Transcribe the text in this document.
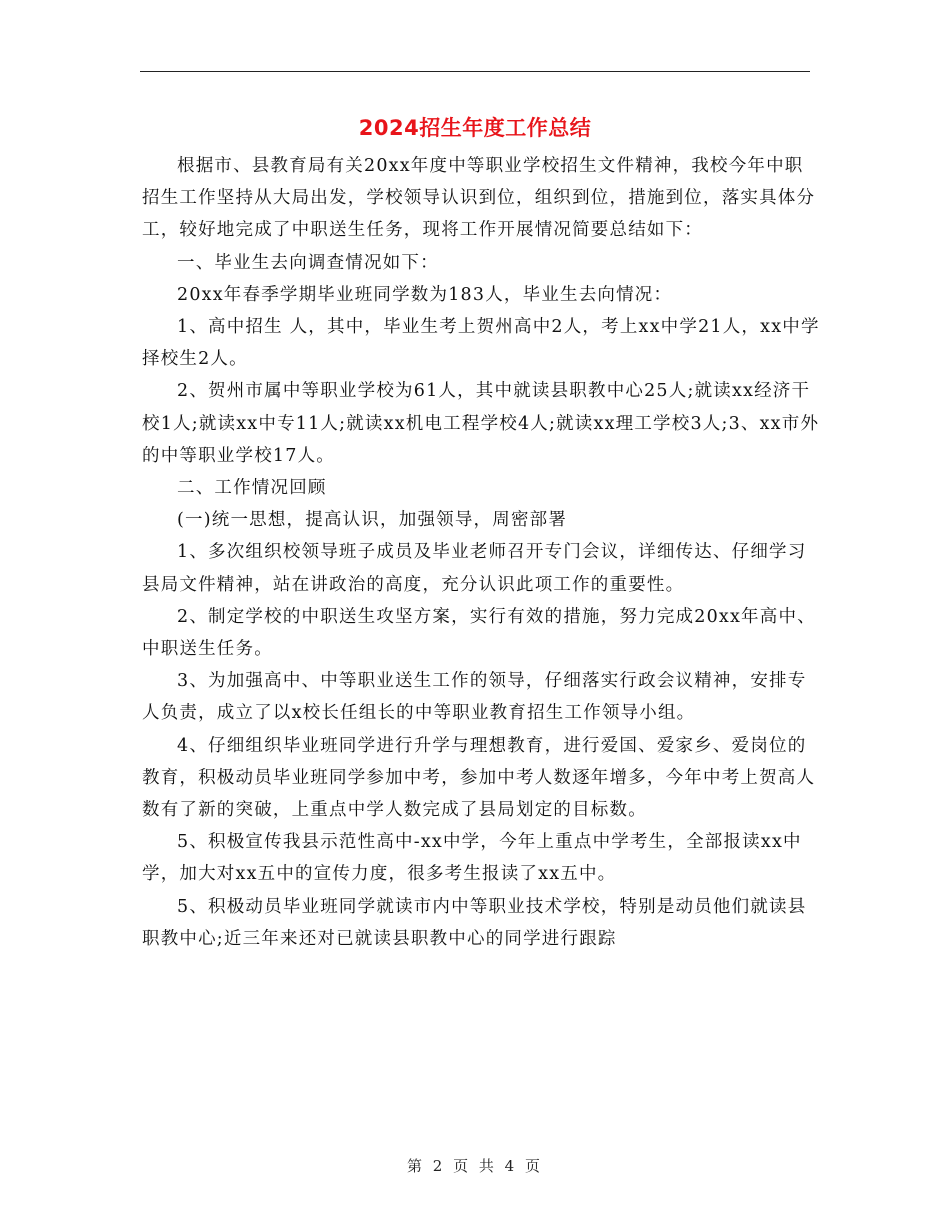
2024招生年度工作总结

根据市、县教育局有关20xx年度中等职业学校招生文件精神，我校今年中职招生工作坚持从大局出发，学校领导认识到位，组织到位，措施到位，落实具体分工，较好地完成了中职送生任务，现将工作开展情况简要总结如下：

一、毕业生去向调查情况如下：

20xx年春季学期毕业班同学数为183人，毕业生去向情况：

1、高中招生 人，其中，毕业生考上贺州高中2人，考上xx中学21人，xx中学择校生2人。

2、贺州市属中等职业学校为61人，其中就读县职教中心25人;就读xx经济干校1人;就读xx中专11人;就读xx机电工程学校4人;就读xx理工学校3人;3、xx市外的中等职业学校17人。

二、工作情况回顾

(一)统一思想，提高认识，加强领导，周密部署

1、多次组织校领导班子成员及毕业老师召开专门会议，详细传达、仔细学习县局文件精神，站在讲政治的高度，充分认识此项工作的重要性。

2、制定学校的中职送生攻坚方案，实行有效的措施，努力完成20xx年高中、中职送生任务。

3、为加强高中、中等职业送生工作的领导，仔细落实行政会议精神，安排专人负责，成立了以x校长任组长的中等职业教育招生工作领导小组。

4、仔细组织毕业班同学进行升学与理想教育，进行爱国、爱家乡、爱岗位的教育，积极动员毕业班同学参加中考，参加中考人数逐年增多，今年中考上贺高人数有了新的突破，上重点中学人数完成了县局划定的目标数。

5、积极宣传我县示范性高中-xx中学，今年上重点中学考生，全部报读xx中学，加大对xx五中的宣传力度，很多考生报读了xx五中。

5、积极动员毕业班同学就读市内中等职业技术学校，特别是动员他们就读县职教中心;近三年来还对已就读县职教中心的同学进行跟踪

第 2 页 共 4 页
